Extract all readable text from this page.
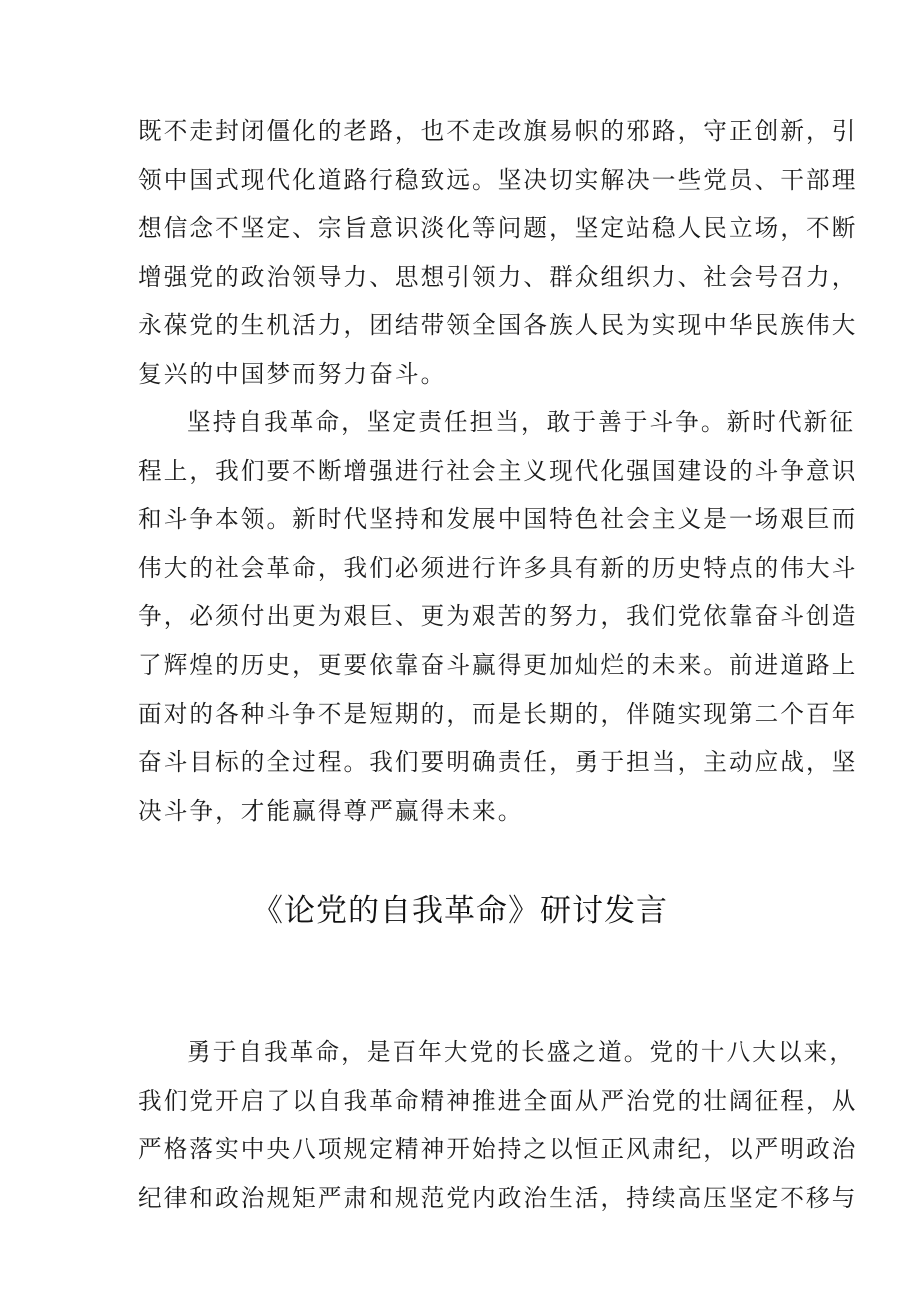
既不走封闭僵化的老路，也不走改旗易帜的邪路，守正创新，引
领中国式现代化道路行稳致远。坚决切实解决一些党员、干部理
想信念不坚定、宗旨意识淡化等问题，坚定站稳人民立场，不断
增强党的政治领导力、思想引领力、群众组织力、社会号召力，
永葆党的生机活力，团结带领全国各族人民为实现中华民族伟大
复兴的中国梦而努力奋斗。
坚持自我革命，坚定责任担当，敢于善于斗争。新时代新征
程上，我们要不断增强进行社会主义现代化强国建设的斗争意识
和斗争本领。新时代坚持和发展中国特色社会主义是一场艰巨而
伟大的社会革命，我们必须进行许多具有新的历史特点的伟大斗
争，必须付出更为艰巨、更为艰苦的努力，我们党依靠奋斗创造
了辉煌的历史，更要依靠奋斗赢得更加灿烂的未来。前进道路上
面对的各种斗争不是短期的，而是长期的，伴随实现第二个百年
奋斗目标的全过程。我们要明确责任，勇于担当，主动应战，坚
决斗争，才能赢得尊严赢得未来。
《论党的自我革命》研讨发言
勇于自我革命，是百年大党的长盛之道。党的十八大以来，
我们党开启了以自我革命精神推进全面从严治党的壮阔征程，从
严格落实中央八项规定精神开始持之以恒正风肃纪，以严明政治
纪律和政治规矩严肃和规范党内政治生活，持续高压坚定不移与
